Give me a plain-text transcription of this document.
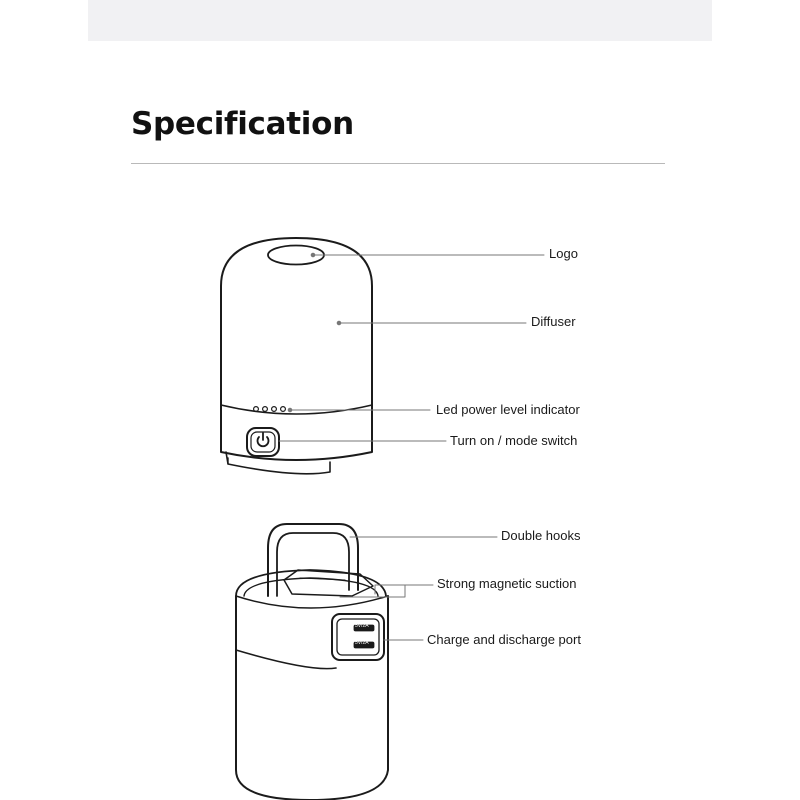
Specification
Logo
Diffuser
Led power level indicator
Turn on / mode switch
Double hooks
Strong magnetic suction
Charge and discharge port
5V/2A
5V/2A
